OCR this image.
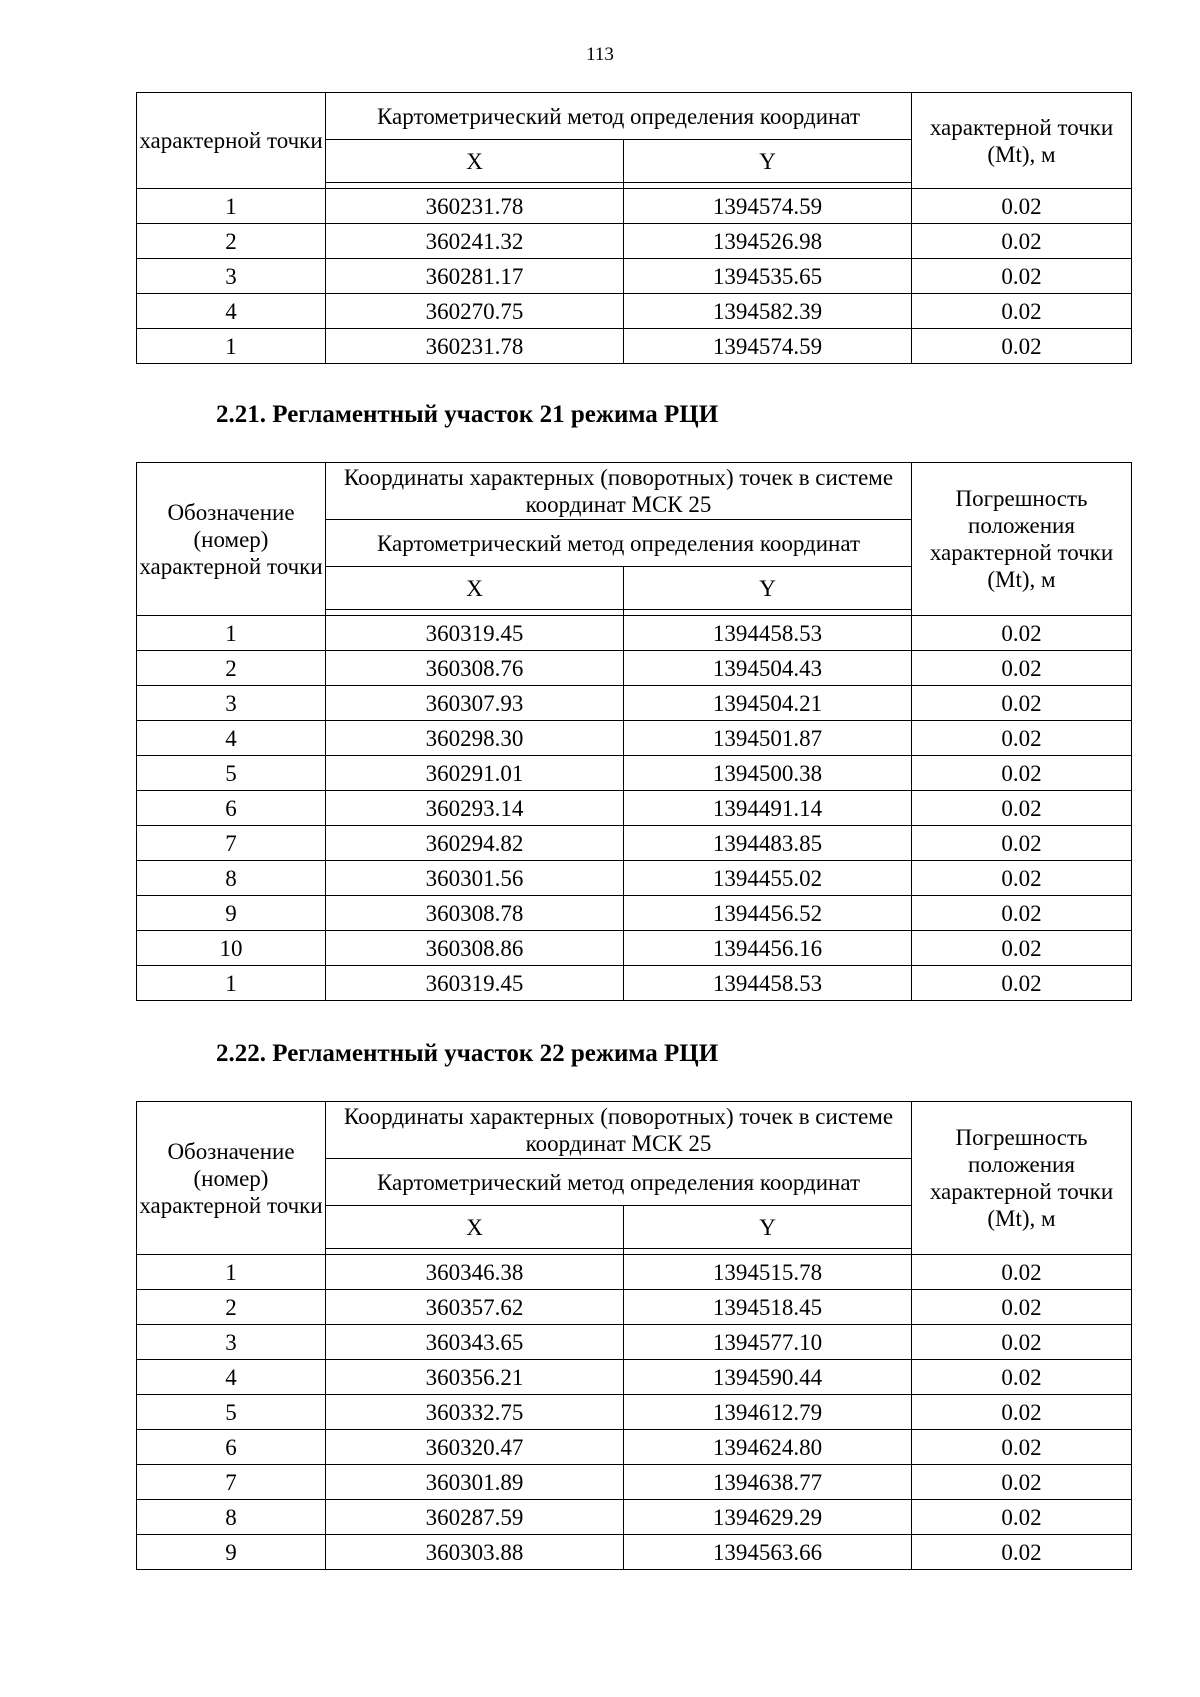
113
характерной точки	Картометрический метод определения координат		характерной точки (Mt), м
	X	Y	

1	360231.78	1394574.59	0.02
2	360241.32	1394526.98	0.02
3	360281.17	1394535.65	0.02
4	360270.75	1394582.39	0.02
1	360231.78	1394574.59	0.02
2.21. Регламентный участок 21 режима РЦИ
Обозначение (номер) характерной точки	Координаты характерных (поворотных) точек в системе координат МСК 25		Погрешность положения характерной точки (Mt), м
	Картометрический метод определения координат		
	X	Y	

1	360319.45	1394458.53	0.02
2	360308.76	1394504.43	0.02
3	360307.93	1394504.21	0.02
4	360298.30	1394501.87	0.02
5	360291.01	1394500.38	0.02
6	360293.14	1394491.14	0.02
7	360294.82	1394483.85	0.02
8	360301.56	1394455.02	0.02
9	360308.78	1394456.52	0.02
10	360308.86	1394456.16	0.02
1	360319.45	1394458.53	0.02
2.22. Регламентный участок 22 режима РЦИ
Обозначение (номер) характерной точки	Координаты характерных (поворотных) точек в системе координат МСК 25		Погрешность положения характерной точки (Mt), м
	Картометрический метод определения координат		
	X	Y	

1	360346.38	1394515.78	0.02
2	360357.62	1394518.45	0.02
3	360343.65	1394577.10	0.02
4	360356.21	1394590.44	0.02
5	360332.75	1394612.79	0.02
6	360320.47	1394624.80	0.02
7	360301.89	1394638.77	0.02
8	360287.59	1394629.29	0.02
9	360303.88	1394563.66	0.02
